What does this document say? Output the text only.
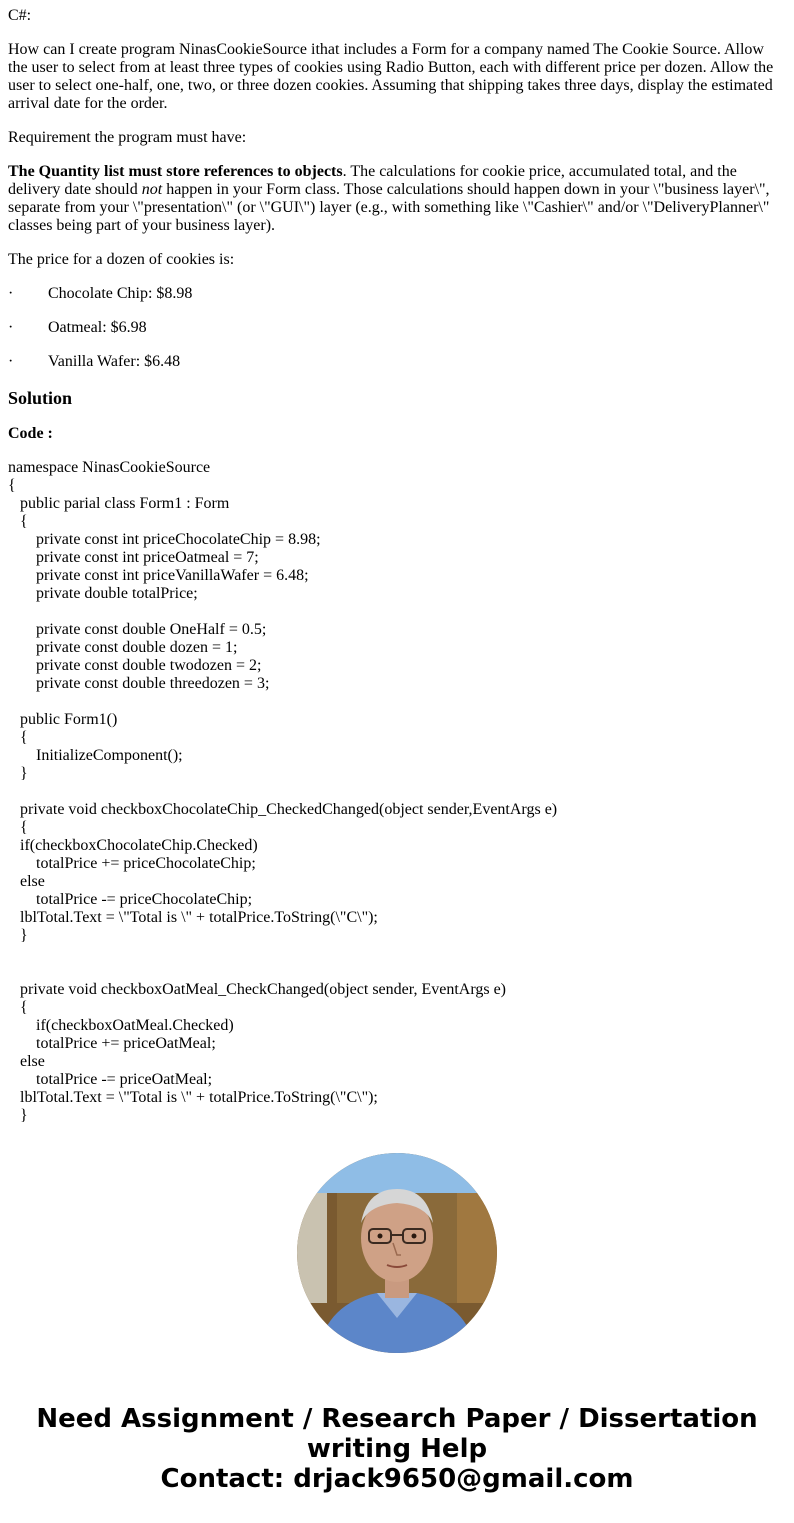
C#:

How can I create program NinasCookieSource ithat includes a Form for a company named The Cookie Source. Allow the user to select from at least three types of cookies using Radio Button, each with different price per dozen. Allow the user to select one-half, one, two, or three dozen cookies. Assuming that shipping takes three days, display the estimated arrival date for the order.

Requirement the program must have:

The Quantity list must store references to objects. The calculations for cookie price, accumulated total, and the delivery date should not happen in your Form class. Those calculations should happen down in your \"business layer\", separate from your \"presentation\" (or \"GUI\") layer (e.g., with something like \"Cashier\" and/or \"DeliveryPlanner\" classes being part of your business layer).

The price for a dozen of cookies is:

·	Chocolate Chip: $8.98
·	Oatmeal: $6.98
·	Vanilla Wafer: $6.48
Solution

Code :

namespace NinasCookieSource
{
public parial class Form1 : Form
{
private const int priceChocolateChip = 8.98;
private const int priceOatmeal = 7;
private const int priceVanillaWafer = 6.48;
private double totalPrice;
private const double OneHalf = 0.5;
private const double dozen = 1;
private const double twodozen = 2;
private const double threedozen = 3;
public Form1()
{
InitializeComponent();
}
private void checkboxChocolateChip_CheckedChanged(object sender,EventArgs e)
{
if(checkboxChocolateChip.Checked)
totalPrice += priceChocolateChip;
else
totalPrice -= priceChocolateChip;
lblTotal.Text = \"Total is \" + totalPrice.ToString(\"C\");
}
private void checkboxOatMeal_CheckChanged(object sender, EventArgs e)
{
if(checkboxOatMeal.Checked)
totalPrice += priceOatMeal;
else
totalPrice -= priceOatMeal;
lblTotal.Text = \"Total is \" + totalPrice.ToString(\"C\");
}
Need Assignment / Research Paper / Dissertation
writing Help
Contact: drjack9650@gmail.com
